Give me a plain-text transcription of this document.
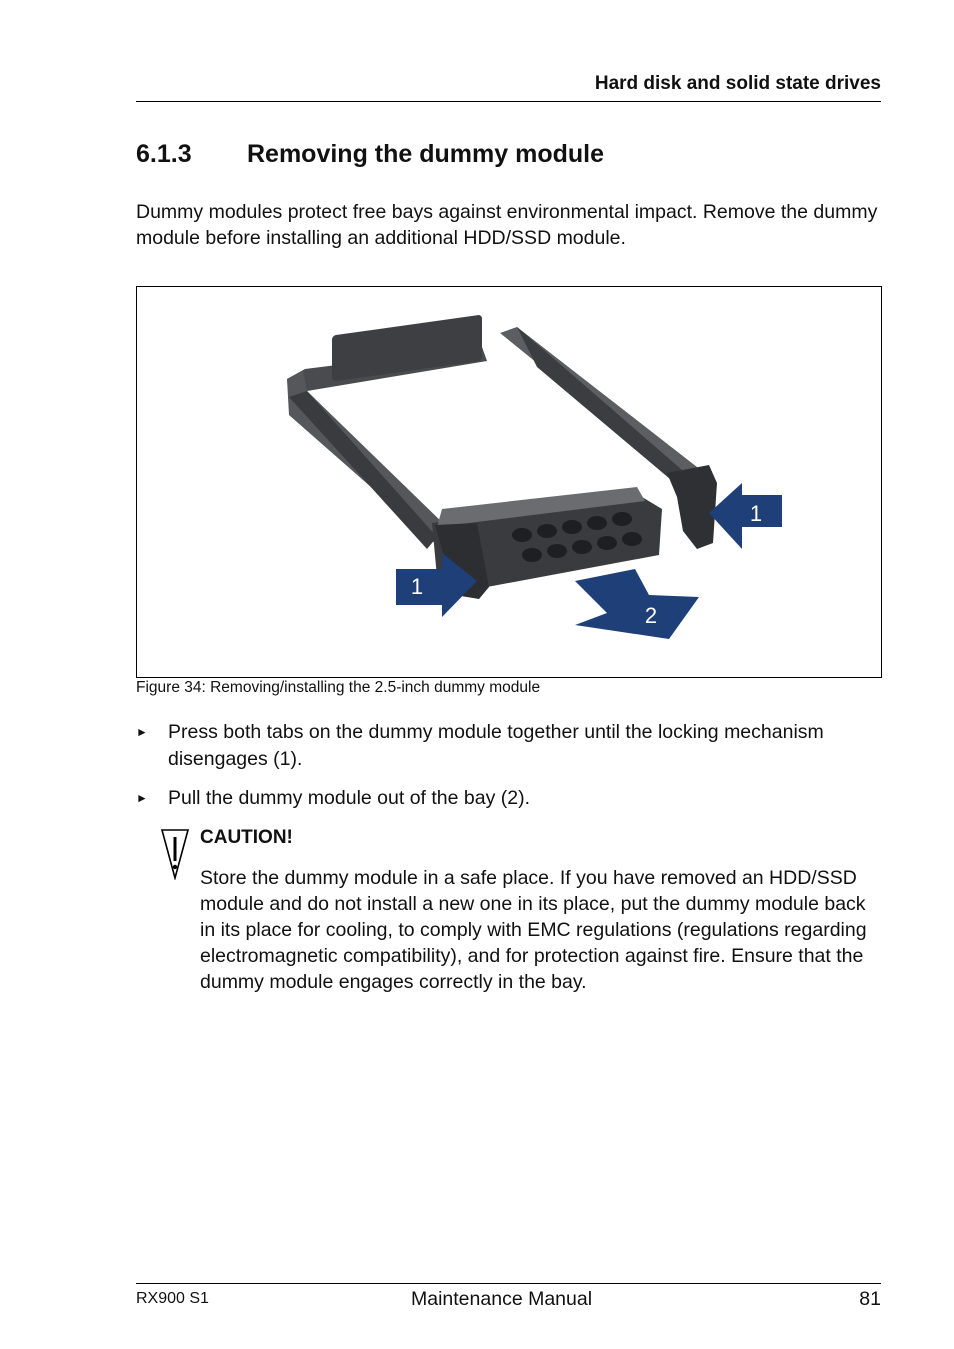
Hard disk and solid state drives
6.1.3 Removing the dummy module
Dummy modules protect free bays against environmental impact. Remove the dummy module before installing an additional HDD/SSD module.
1
1
2
Figure 34: Removing/installing the 2.5-inch dummy module
► Press both tabs on the dummy module together until the locking mechanism disengages (1).
► Pull the dummy module out of the bay (2).
CAUTION!
Store the dummy module in a safe place. If you have removed an HDD/SSD module and do not install a new one in its place, put the dummy module back in its place for cooling, to comply with EMC regulations (regulations regarding electromagnetic compatibility), and for protection against fire. Ensure that the dummy module engages correctly in the bay.
RX900 S1	Maintenance Manual	81
